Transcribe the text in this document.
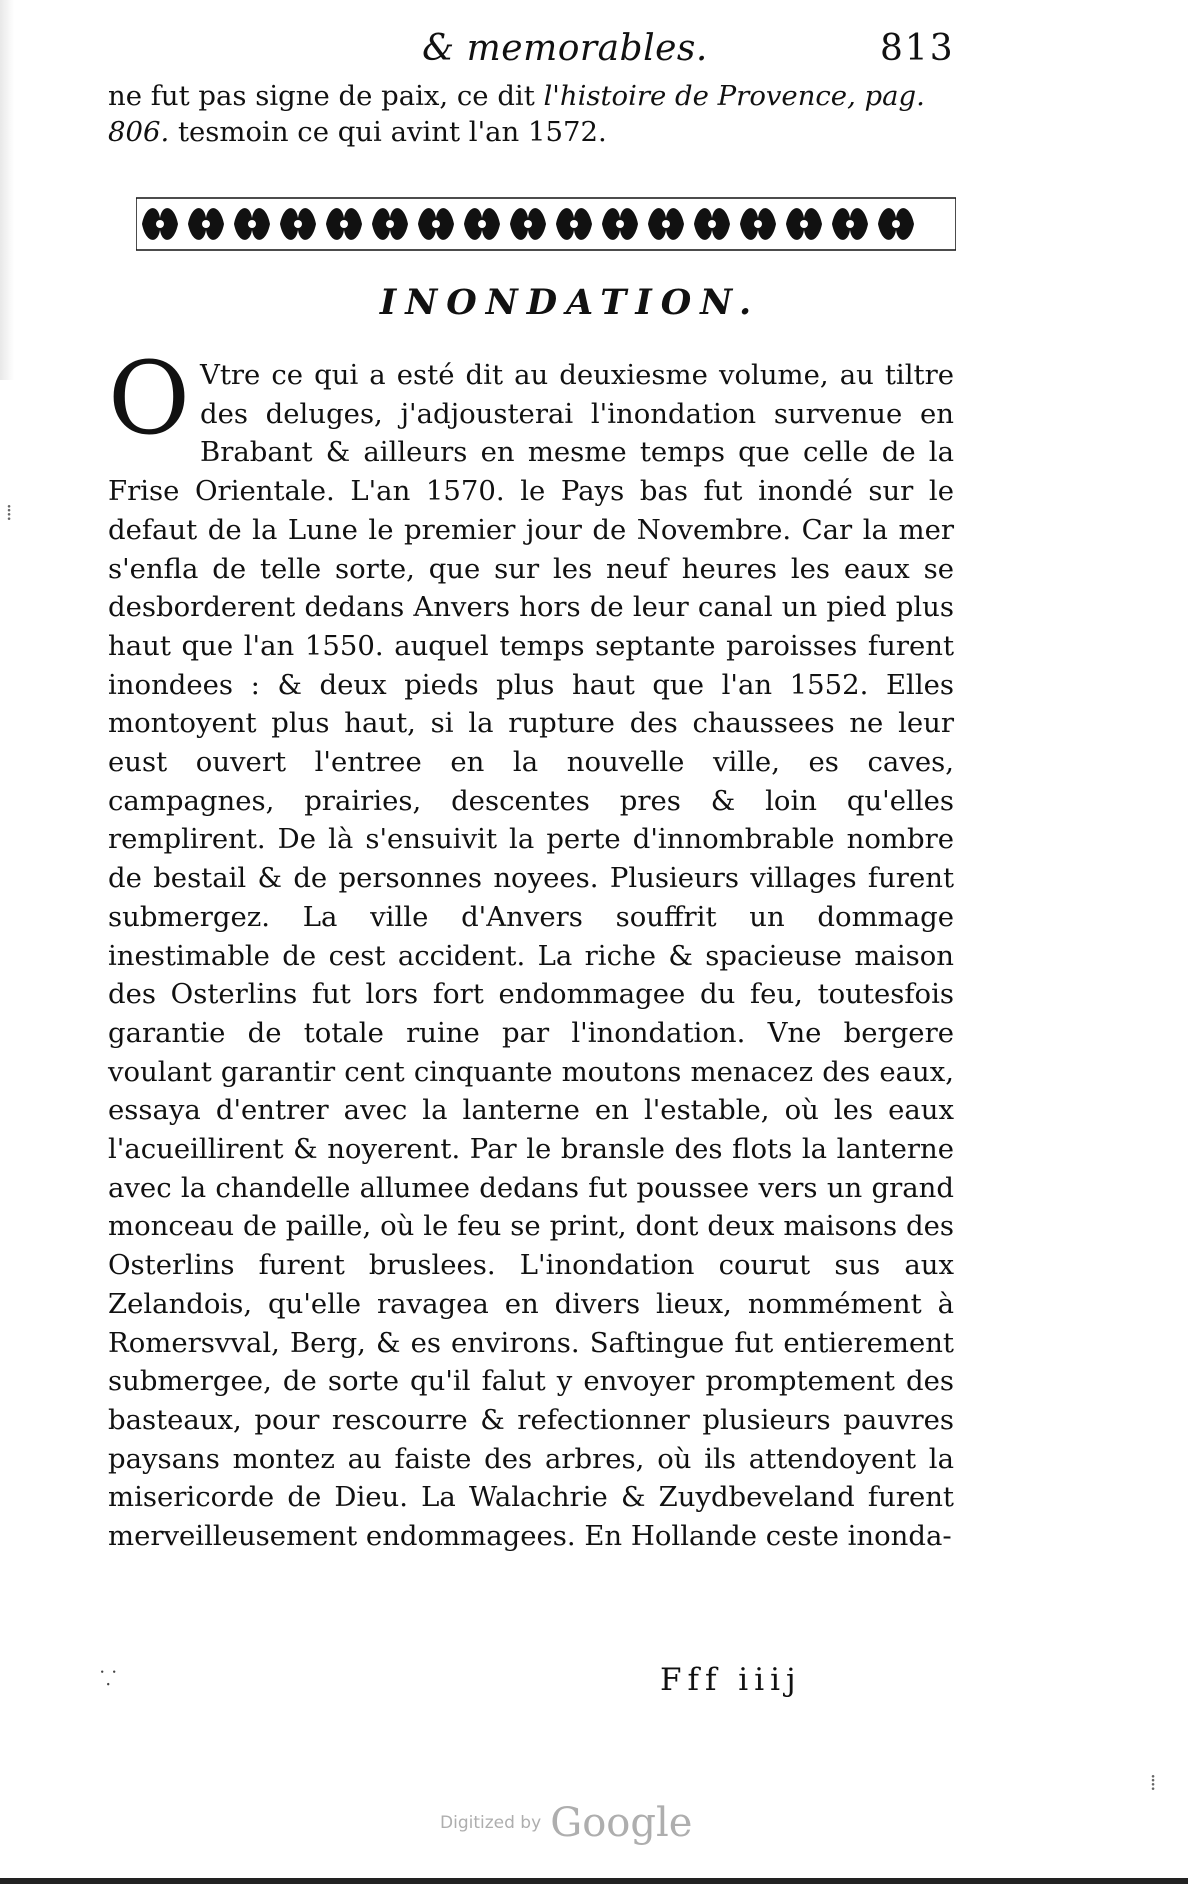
& memorables.	813
ne fut pas signe de paix, ce dit l'histoire de Provence, pag.
806. tesmoin ce qui avint l'an 1572.
INONDATION.
O Vtre ce qui a esté dit au deuxiesme volume, au tiltre des deluges, j'adjousterai l'inondation survenue en Brabant & ailleurs en mesme temps que celle de la Frise Orientale. L'an 1570. le Pays bas fut inondé sur le defaut de la Lune le premier jour de Novembre. Car la mer s'enfla de telle sorte, que sur les neuf heures les eaux se desborderent dedans Anvers hors de leur canal un pied plus haut que l'an 1550. auquel temps septante paroisses furent inondees : & deux pieds plus haut que l'an 1552. Elles montoyent plus haut, si la rupture des chaussees ne leur eust ouvert l'entree en la nouvelle ville, es caves, campagnes, prairies, descentes pres & loin qu'elles remplirent. De là s'ensuivit la perte d'innombrable nombre de bestail & de personnes noyees. Plusieurs villages furent submergez. La ville d'Anvers souffrit un dommage inestimable de cest accident. La riche & spacieuse maison des Osterlins fut lors fort endommagee du feu, toutesfois garantie de totale ruine par l'inondation. Vne bergere voulant garantir cent cinquante moutons menacez des eaux, essaya d'entrer avec la lanterne en l'estable, où les eaux l'acueillirent & noyerent. Par le bransle des flots la lanterne avec la chandelle allumee dedans fut poussee vers un grand monceau de paille, où le feu se print, dont deux maisons des Osterlins furent bruslees. L'inondation courut sus aux Zelandois, qu'elle ravagea en divers lieux, nommément à Romersvval, Berg, & es environs. Saftingue fut entierement submergee, de sorte qu'il falut y envoyer promptement des basteaux, pour rescourre & refectionner plusieurs pauvres paysans montez au faiste des arbres, où ils attendoyent la misericorde de Dieu. La Walachrie & Zuydbeveland furent merveilleusement endommagees. En Hollande ceste inonda-
⸪	Fff iiij
⁞
⁞
Digitized by Google
